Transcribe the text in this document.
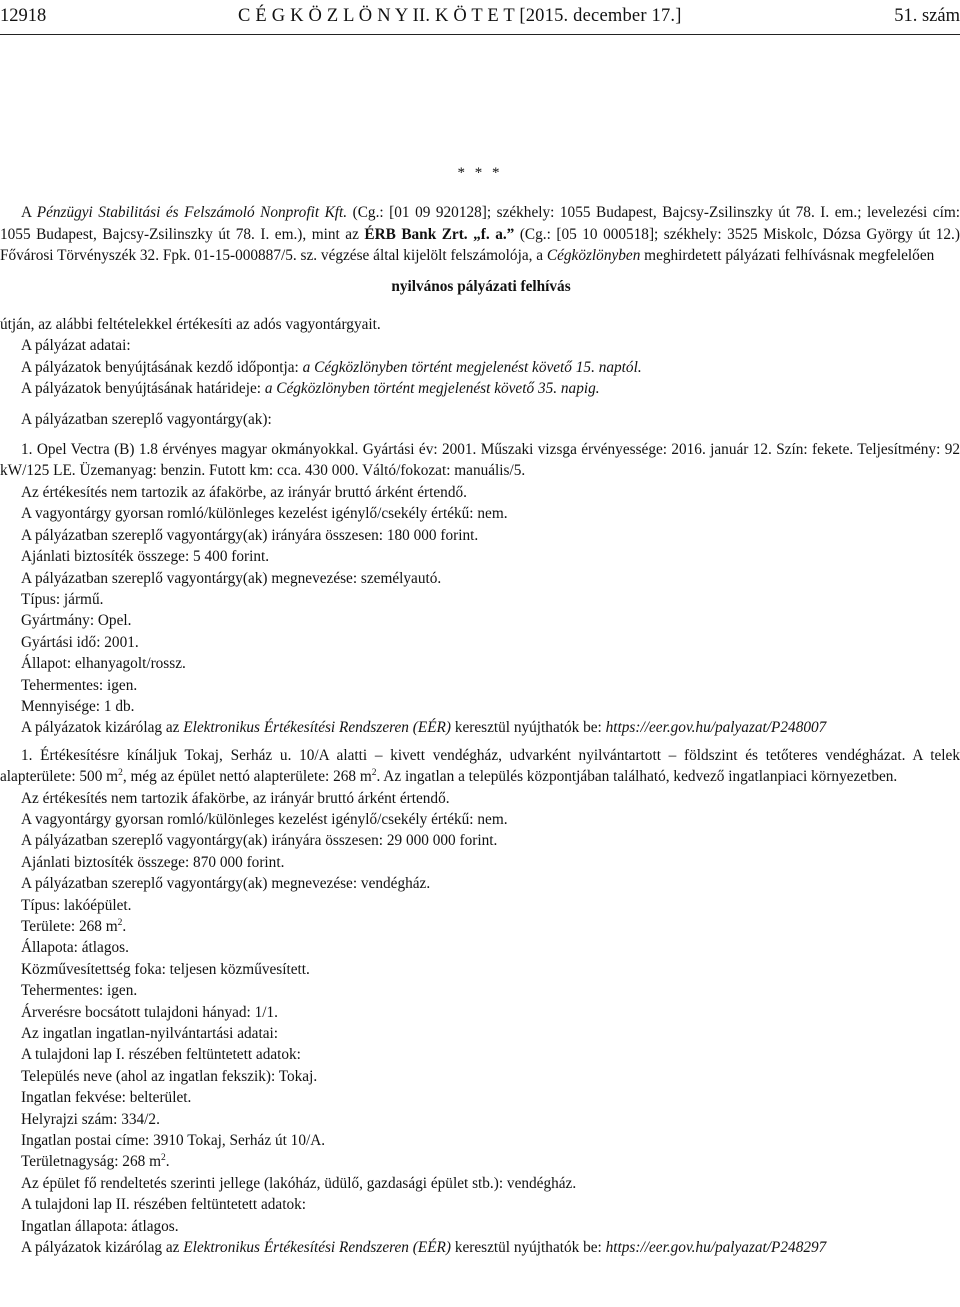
12918	C É G K Ö Z L Ö N Y II. K Ö T E T [2015. december 17.]	51. szám
* * *

A Pénzügyi Stabilitási és Felszámoló Nonprofit Kft. (Cg.: [01 09 920128]; székhely: 1055 Budapest, Bajcsy-Zsilinszky út 78. I. em.; levelezési cím: 1055 Budapest, Bajcsy-Zsilinszky út 78. I. em.), mint az ÉRB Bank Zrt. „f. a.” (Cg.: [05 10 000518]; székhely: 3525 Miskolc, Dózsa György út 12.) Fővárosi Törvényszék 32. Fpk. 01-15-000887/5. sz. végzése által kijelölt felszámolója, a Cégközlönyben meghirdetett pályázati felhívásnak megfelelően

nyilvános pályázati felhívás

útján, az alábbi feltételekkel értékesíti az adós vagyontárgyait.

A pályázat adatai:

A pályázatok benyújtásának kezdő időpontja: a Cégközlönyben történt megjelenést követő 15. naptól.

A pályázatok benyújtásának határideje: a Cégközlönyben történt megjelenést követő 35. napig.

A pályázatban szereplő vagyontárgy(ak):

1. Opel Vectra (B) 1.8 érvényes magyar okmányokkal. Gyártási év: 2001. Műszaki vizsga érvényessége: 2016. január 12. Szín: fekete. Teljesítmény: 92 kW/125 LE. Üzemanyag: benzin. Futott km: cca. 430 000. Váltó/fokozat: manuális/5.

Az értékesítés nem tartozik az áfakörbe, az irányár bruttó árként értendő.

A vagyontárgy gyorsan romló/különleges kezelést igénylő/csekély értékű: nem.

A pályázatban szereplő vagyontárgy(ak) irányára összesen: 180 000 forint.

Ajánlati biztosíték összege: 5 400 forint.

A pályázatban szereplő vagyontárgy(ak) megnevezése: személyautó.

Típus: jármű.

Gyártmány: Opel.

Gyártási idő: 2001.

Állapot: elhanyagolt/rossz.

Tehermentes: igen.

Mennyisége: 1 db.

A pályázatok kizárólag az Elektronikus Értékesítési Rendszeren (EÉR) keresztül nyújthatók be: https://eer.gov.hu/palyazat/P248007

1. Értékesítésre kínáljuk Tokaj, Serház u. 10/A alatti – kivett vendégház, udvarként nyilvántartott – földszint és tetőteres vendégházat. A telek alapterülete: 500 $m^2$, még az épület nettó alapterülete: 268 $m^2$. Az ingatlan a település központjában található, kedvező ingatlanpiaci környezetben.

Az értékesítés nem tartozik áfakörbe, az irányár bruttó árként értendő.

A vagyontárgy gyorsan romló/különleges kezelést igénylő/csekély értékű: nem.

A pályázatban szereplő vagyontárgy(ak) irányára összesen: 29 000 000 forint.

Ajánlati biztosíték összege: 870 000 forint.

A pályázatban szereplő vagyontárgy(ak) megnevezése: vendégház.

Típus: lakóépület.

Területe: 268 $m^2$.

Állapota: átlagos.

Közművesítettség foka: teljesen közművesített.

Tehermentes: igen.

Árverésre bocsátott tulajdoni hányad: 1/1.

Az ingatlan ingatlan-nyilvántartási adatai:

A tulajdoni lap I. részében feltüntetett adatok:

Település neve (ahol az ingatlan fekszik): Tokaj.

Ingatlan fekvése: belterület.

Helyrajzi szám: 334/2.

Ingatlan postai címe: 3910 Tokaj, Serház út 10/A.

Területnagyság: 268 $m^2$.

Az épület fő rendeltetés szerinti jellege (lakóház, üdülő, gazdasági épület stb.): vendégház.

A tulajdoni lap II. részében feltüntetett adatok:

Ingatlan állapota: átlagos.

A pályázatok kizárólag az Elektronikus Értékesítési Rendszeren (EÉR) keresztül nyújthatók be: https://eer.gov.hu/palyazat/P248297
